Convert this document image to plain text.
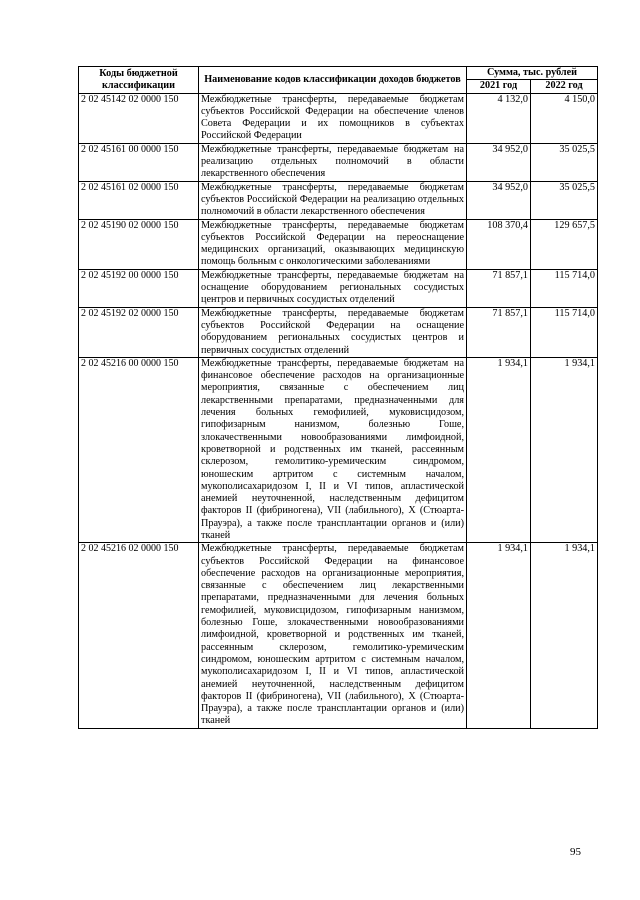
Коды бюджетной классификации	Наименование кодов классификации доходов бюджетов	Сумма, тыс. рублей	
		2021 год	2022 год
2 02 45142 02 0000 150	Межбюджетные трансферты, передаваемые бюджетам субъектов Российской Федерации на обеспечение членов Совета Федерации и их помощников в субъектах Российской Федерации	4 132,0	4 150,0
2 02 45161 00 0000 150	Межбюджетные трансферты, передаваемые бюджетам на реализацию отдельных полномочий в области лекарственного обеспечения	34 952,0	35 025,5
2 02 45161 02 0000 150	Межбюджетные трансферты, передаваемые бюджетам субъектов Российской Федерации на реализацию отдельных полномочий в области лекарственного обеспечения	34 952,0	35 025,5
2 02 45190 02 0000 150	Межбюджетные трансферты, передаваемые бюджетам субъектов Российской Федерации на переоснащение медицинских организаций, оказывающих медицинскую помощь больным с онкологическими заболеваниями	108 370,4	129 657,5
2 02 45192 00 0000 150	Межбюджетные трансферты, передаваемые бюджетам на оснащение оборудованием региональных сосудистых центров и первичных сосудистых отделений	71 857,1	115 714,0
2 02 45192 02 0000 150	Межбюджетные трансферты, передаваемые бюджетам субъектов Российской Федерации на оснащение оборудованием региональных сосудистых центров и первичных сосудистых отделений	71 857,1	115 714,0
2 02 45216 00 0000 150	Межбюджетные трансферты, передаваемые бюджетам на финансовое обеспечение расходов на организационные мероприятия, связанные с обеспечением лиц лекарственными препаратами, предназначенными для лечения больных гемофилией, муковисцидозом, гипофизарным нанизмом, болезнью Гоше, злокачественными новообразованиями лимфоидной, кроветворной и родственных им тканей, рассеянным склерозом, гемолитико-уремическим синдромом, юношеским артритом с системным началом, мукополисахаридозом I, II и VI типов, апластической анемией неуточненной, наследственным дефицитом факторов II (фибриногена), VII (лабильного), X (Стюарта-Прауэра), а также после трансплантации органов и (или) тканей	1 934,1	1 934,1
2 02 45216 02 0000 150	Межбюджетные трансферты, передаваемые бюджетам субъектов Российской Федерации на финансовое обеспечение расходов на организационные мероприятия, связанные с обеспечением лиц лекарственными препаратами, предназначенными для лечения больных гемофилией, муковисцидозом, гипофизарным нанизмом, болезнью Гоше, злокачественными новообразованиями лимфоидной, кроветворной и родственных им тканей, рассеянным склерозом, гемолитико-уремическим синдромом, юношеским артритом с системным началом, мукополисахаридозом I, II и VI типов, апластической анемией неуточненной, наследственным дефицитом факторов II (фибриногена), VII (лабильного), X (Стюарта-Прауэра), а также после трансплантации органов и (или) тканей	1 934,1	1 934,1
95
